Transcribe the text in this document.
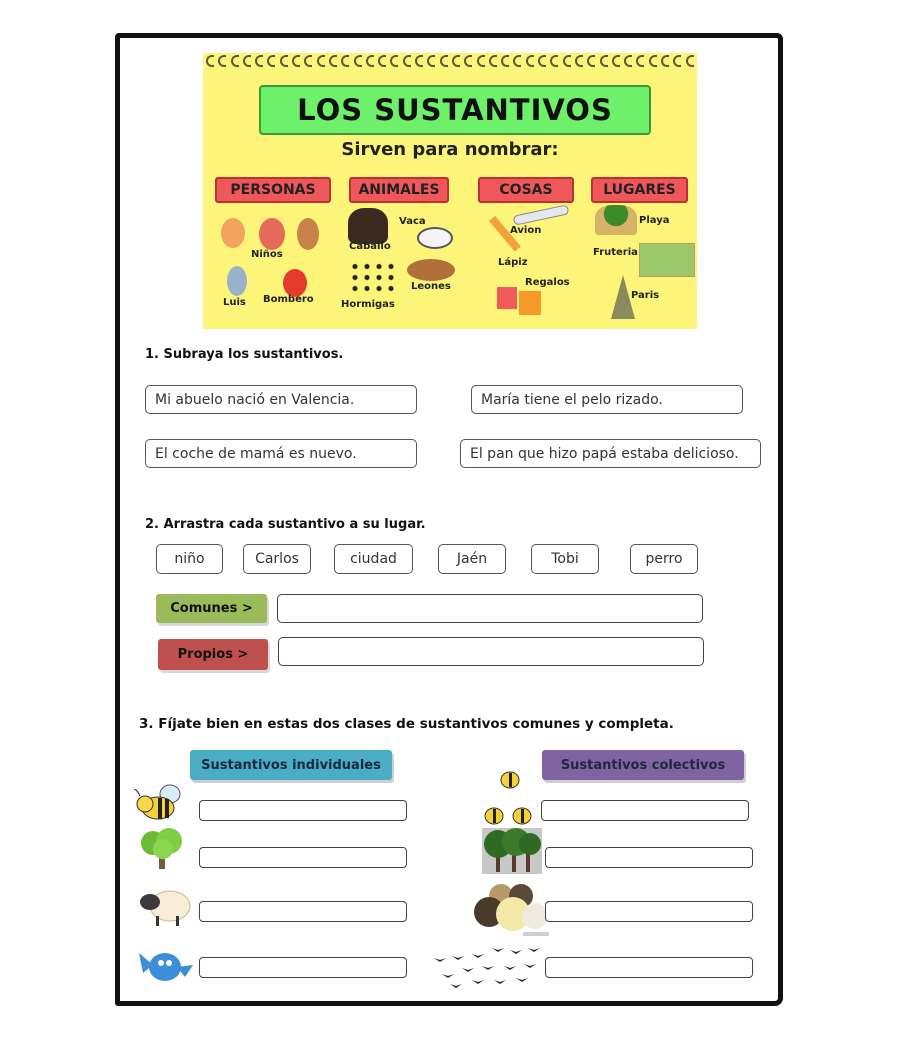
LOS SUSTANTIVOS
Sirven para nombrar:
PERSONAS	ANIMALES	COSAS	LUGARES
Niños
Luis Bombero
Caballo
Vaca
Leones
Hormigas
Avion
Lápiz
Regalos
Playa
Fruteria
Paris
1. Subraya los sustantivos.
Mi abuelo nació en Valencia.	María tiene el pelo rizado.
El coche de mamá es nuevo.	El pan que hizo papá estaba delicioso.
2. Arrastra cada sustantivo a su lugar.
niño	Carlos	ciudad	Jaén	Tobi	perro
Comunes >
Propios >
3. Fíjate bien en estas dos clases de sustantivos comunes y completa.
Sustantivos individuales	Sustantivos colectivos
